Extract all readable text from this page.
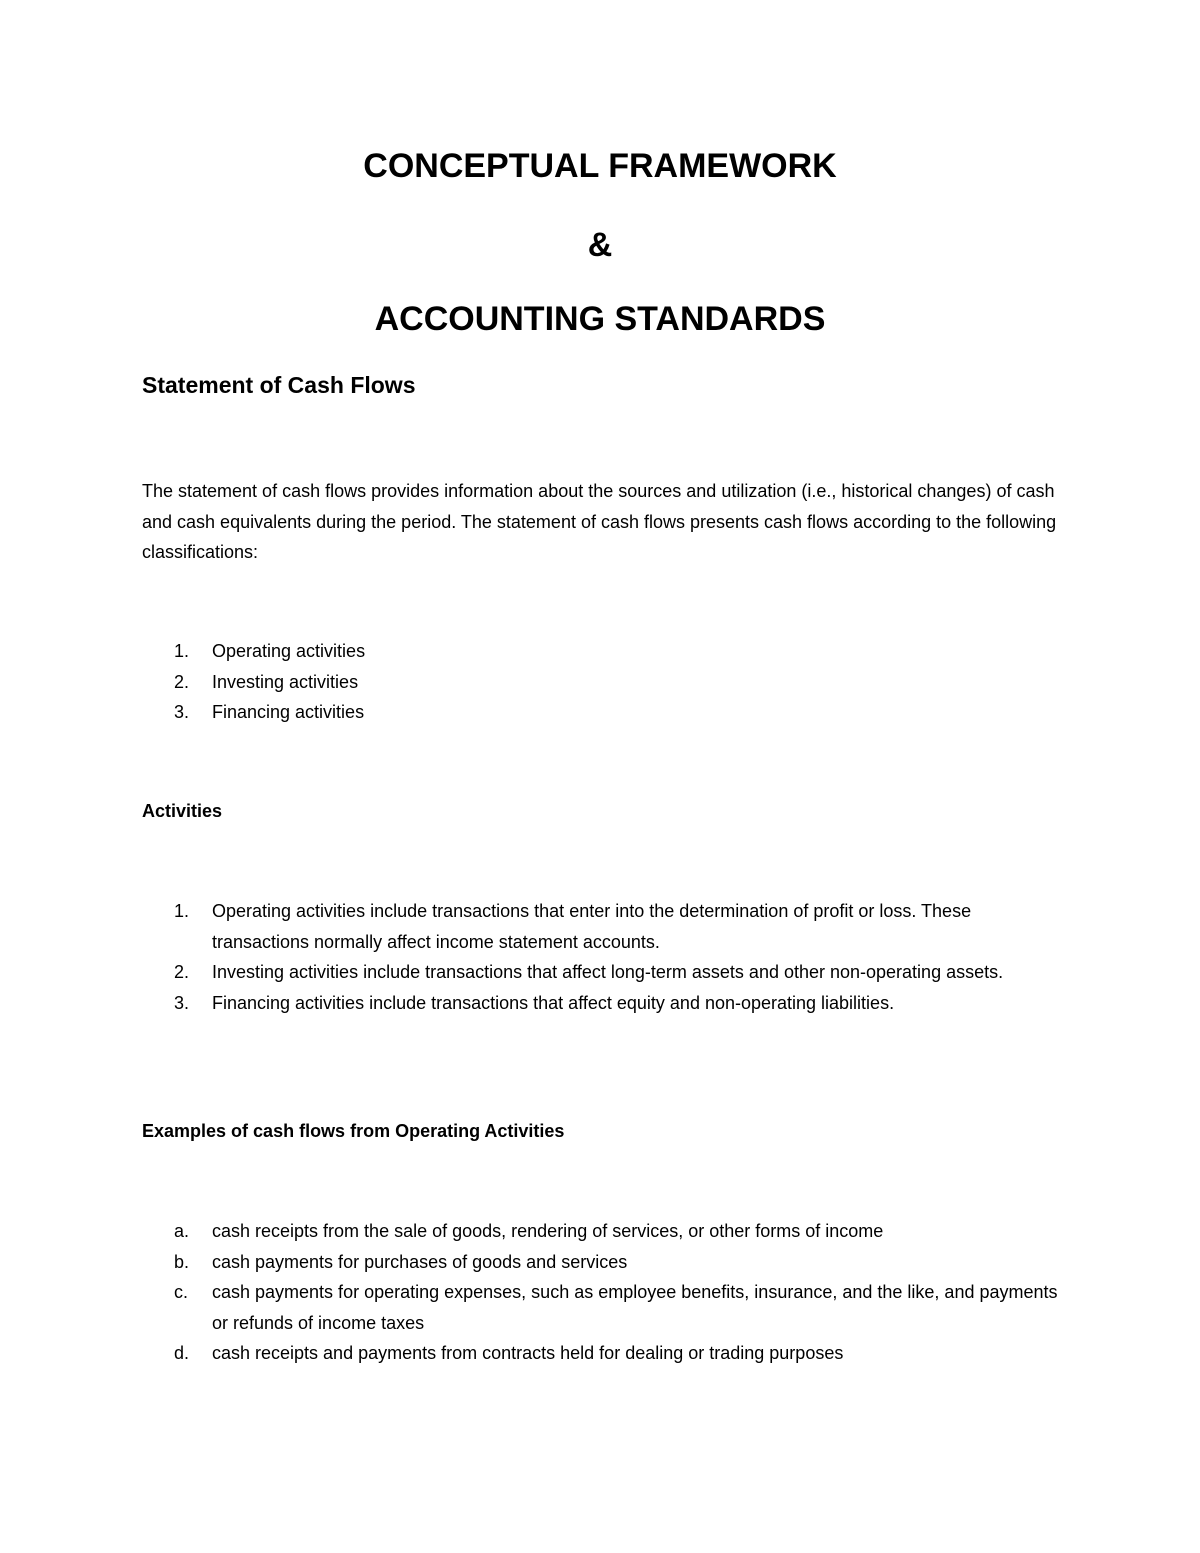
CONCEPTUAL FRAMEWORK
&
ACCOUNTING STANDARDS
Statement of Cash Flows

The statement of cash flows provides information about the sources and utilization (i.e., historical changes) of cash and cash equivalents during the period. The statement of cash flows presents cash flows according to the following classifications:

1. Operating activities
2. Investing activities
3. Financing activities
Activities
1. Operating activities include transactions that enter into the determination of profit or loss. These transactions normally affect income statement accounts.
2. Investing activities include transactions that affect long-term assets and other non-operating assets.
3. Financing activities include transactions that affect equity and non-operating liabilities.
Examples of cash flows from Operating Activities
a. cash receipts from the sale of goods, rendering of services, or other forms of income
b. cash payments for purchases of goods and services
c. cash payments for operating expenses, such as employee benefits, insurance, and the like, and payments or refunds of income taxes
d. cash receipts and payments from contracts held for dealing or trading purposes
